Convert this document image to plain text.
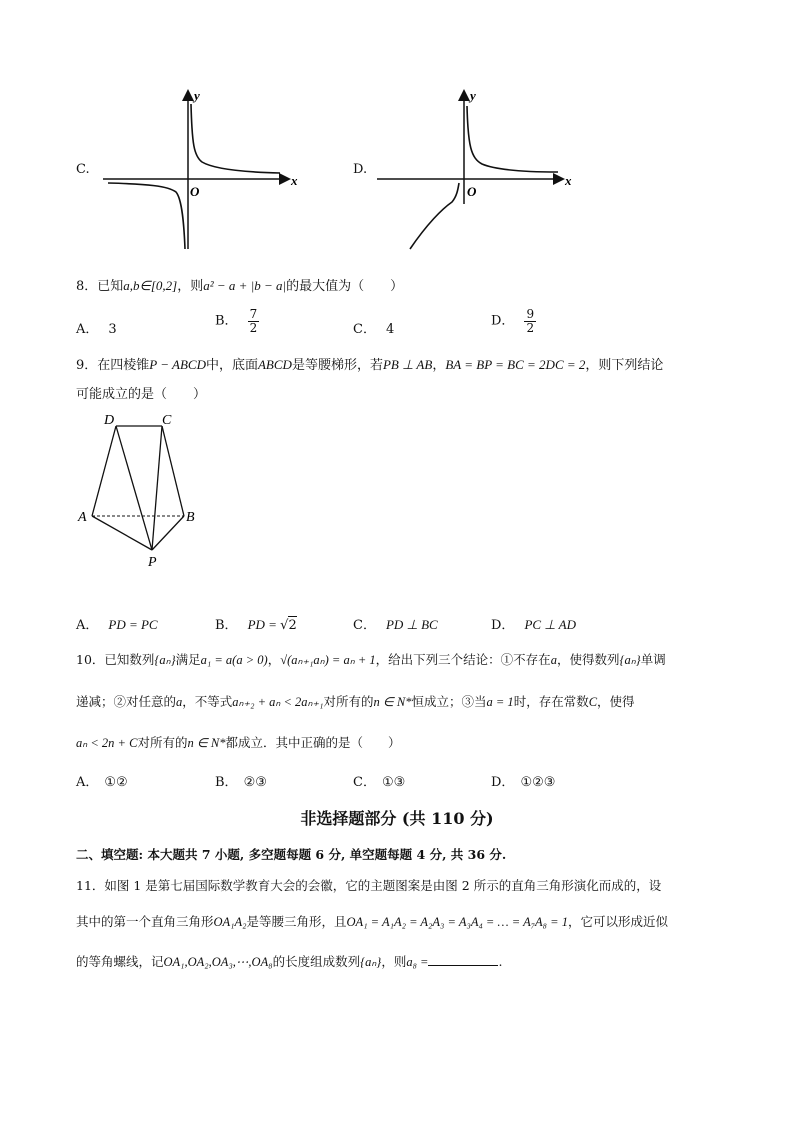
C.
x
y
O
D.
x
y
O
8．已知a,b∈[0,2]，则a² − a + |b − a|的最大值为（　　）
A． 3
B． $\frac{7}{2}$	C． 4
D． $\frac{9}{2}$
9．在四棱锥P − ABCD中，底面ABCD是等腰梯形，若PB ⊥ AB，BA = BP = BC = 2DC = 2，则下列结论
可能成立的是（　　）
D	C
A	B
P
A． PD = PC	B． PD = √2	C． PD ⊥ BC	D． PC ⊥ AD
10．已知数列{aₙ}满足a₁ = a(a > 0)，√(aₙ₊₁aₙ) = aₙ + 1，给出下列三个结论：①不存在a，使得数列{aₙ}单调
递减；②对任意的a，不等式aₙ₊₂ + aₙ < 2aₙ₊₁对所有的n ∈ N*恒成立；③当a = 1时，存在常数C，使得
aₙ < 2n + C对所有的n ∈ N*都成立．其中正确的是（　　）
A． ①②	B． ②③	C． ①③	D． ①②③
非选择题部分 (共 110 分)
二、填空题: 本大题共 7 小题, 多空题每题 6 分, 单空题每题 4 分, 共 36 分.
11．如图 1 是第七届国际数学教育大会的会徽，它的主题图案是由图 2 所示的直角三角形演化而成的，设
其中的第一个直角三角形OA₁A₂是等腰三角形，且OA₁ = A₁A₂ = A₂A₃ = A₃A₄ = … = A₇A₈ = 1，它可以形成近似
的等角螺线，记OA₁,OA₂,OA₃,⋯,OA₈的长度组成数列{aₙ}，则a₈ =	.
